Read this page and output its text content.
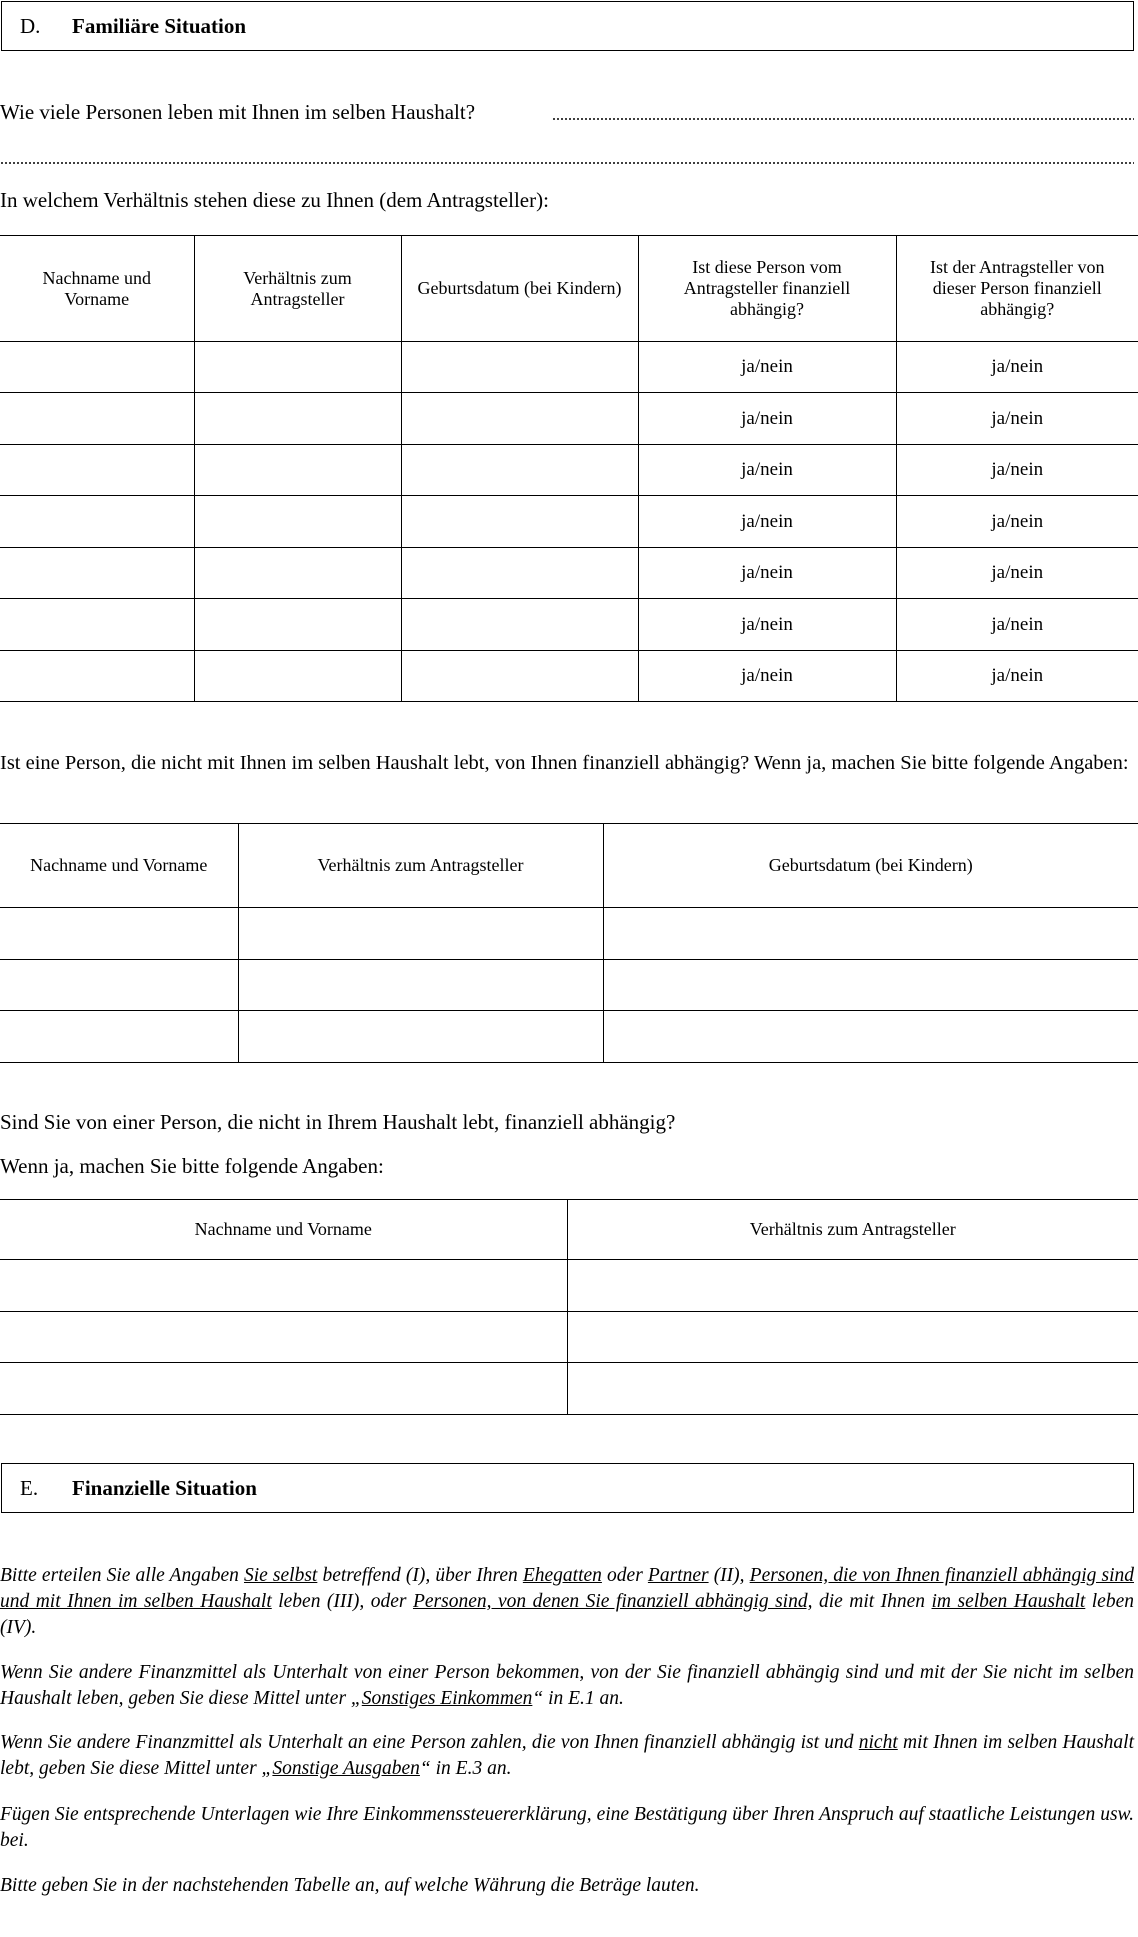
D.	Familiäre Situation
Wie viele Personen leben mit Ihnen im selben Haushalt?
In welchem Verhältnis stehen diese zu Ihnen (dem Antragsteller):
Nachname und Vorname	Verhältnis zum Antragsteller	Geburtsdatum (bei Kindern)	Ist diese Person vom Antragsteller finanziell abhängig?	Ist der Antragsteller von dieser Person finanziell abhängig?
			ja/nein	ja/nein
			ja/nein	ja/nein
			ja/nein	ja/nein
			ja/nein	ja/nein
			ja/nein	ja/nein
			ja/nein	ja/nein
			ja/nein	ja/nein
Ist eine Person, die nicht mit Ihnen im selben Haushalt lebt, von Ihnen finanziell abhängig? Wenn ja, machen Sie bitte folgende Angaben:
Nachname und Vorname	Verhältnis zum Antragsteller	Geburtsdatum (bei Kindern)

Sind Sie von einer Person, die nicht in Ihrem Haushalt lebt, finanziell abhängig?
Wenn ja, machen Sie bitte folgende Angaben:
Nachname und Vorname	Verhältnis zum Antragsteller

E.	Finanzielle Situation
Bitte erteilen Sie alle Angaben Sie selbst betreffend (I), über Ihren Ehegatten oder Partner (II), Personen, die von Ihnen finanziell abhängig sind und mit Ihnen im selben Haushalt leben (III), oder Personen, von denen Sie finanziell abhängig sind, die mit Ihnen im selben Haushalt leben (IV).
Wenn Sie andere Finanzmittel als Unterhalt von einer Person bekommen, von der Sie finanziell abhängig sind und mit der Sie nicht im selben Haushalt leben, geben Sie diese Mittel unter „Sonstiges Einkommen“ in E.1 an.
Wenn Sie andere Finanzmittel als Unterhalt an eine Person zahlen, die von Ihnen finanziell abhängig ist und nicht mit Ihnen im selben Haushalt lebt, geben Sie diese Mittel unter „Sonstige Ausgaben“ in E.3 an.
Fügen Sie entsprechende Unterlagen wie Ihre Einkommenssteuererklärung, eine Bestätigung über Ihren Anspruch auf staatliche Leistungen usw. bei.
Bitte geben Sie in der nachstehenden Tabelle an, auf welche Währung die Beträge lauten.
